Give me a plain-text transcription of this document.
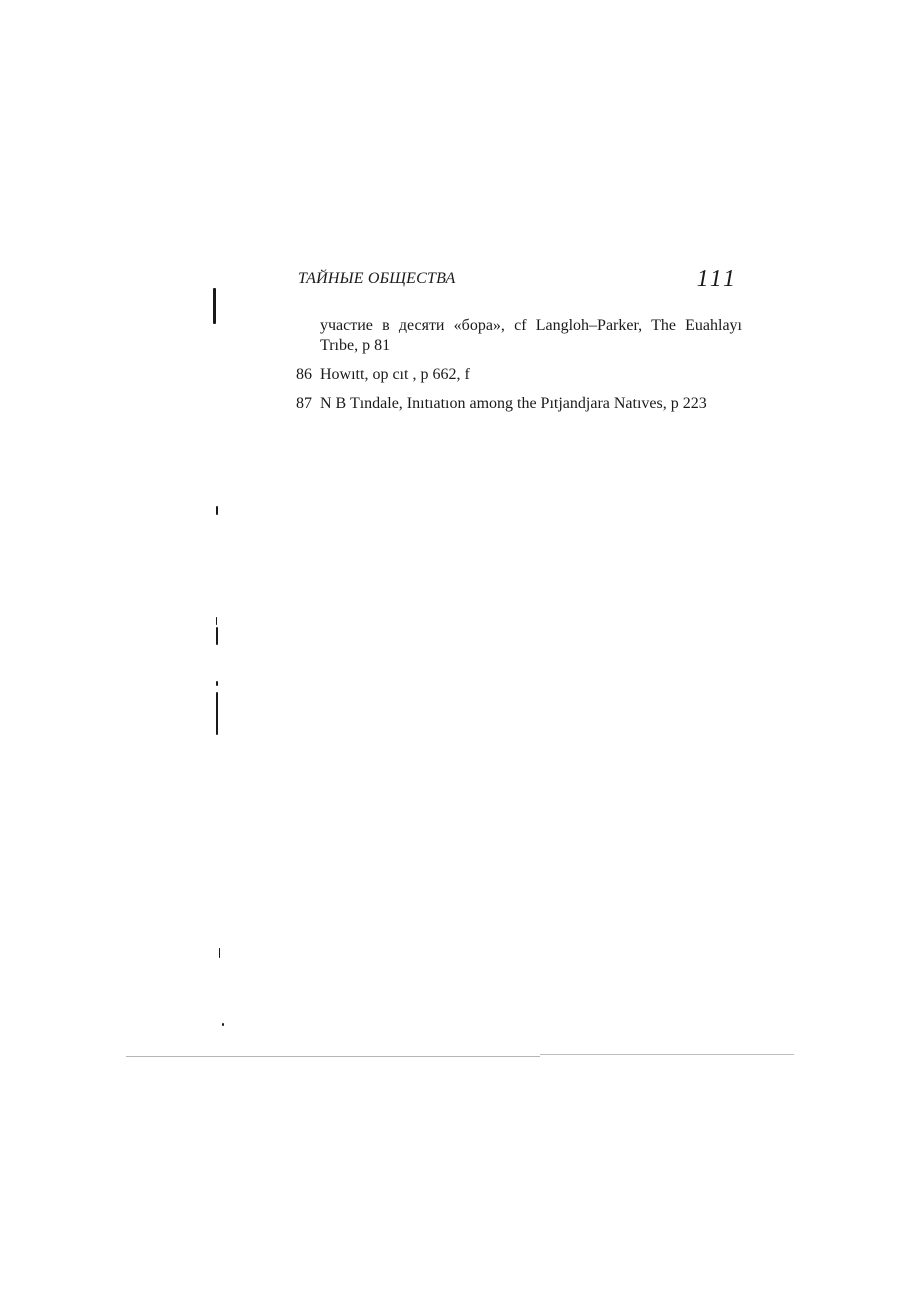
ТАЙНЫЕ ОБЩЕСТВА	111

участие в десяти «бора», cf Langloh–Parker, The Euahlayı Trıbe, p 81

86 Howıtt, op cıt , p 662, f

87 N B Tındale, Inıtıatıon among the Pıtjandjara Natıves, p 223
